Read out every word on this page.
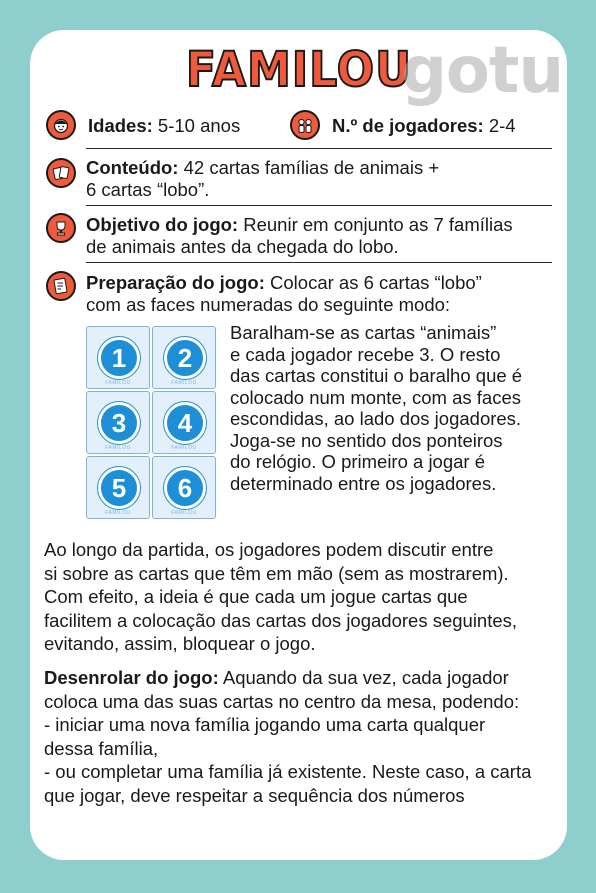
FAMILOU
gotu
Idades: 5-10 anos	N.º de jogadores: 2-4
Conteúdo: 42 cartas famílias de animais +
6 cartas “lobo”.
Objetivo do jogo: Reunir em conjunto as 7 famílias
de animais antes da chegada do lobo.
Preparação do jogo: Colocar as 6 cartas “lobo”
com as faces numeradas do seguinte modo:
1
FAMILOU
2
FAMILOU
3
FAMILOU
4
FAMILOU
5
FAMILOU
6
FAMILOU
Baralham-se as cartas “animais”
e cada jogador recebe 3. O resto
das cartas constitui o baralho que é
colocado num monte, com as faces
escondidas, ao lado dos jogadores.
Joga-se no sentido dos ponteiros
do relógio. O primeiro a jogar é
determinado entre os jogadores.
Ao longo da partida, os jogadores podem discutir entre
si sobre as cartas que têm em mão (sem as mostrarem).
Com efeito, a ideia é que cada um jogue cartas que
facilitem a colocação das cartas dos jogadores seguintes,
evitando, assim, bloquear o jogo.
Desenrolar do jogo: Aquando da sua vez, cada jogador
coloca uma das suas cartas no centro da mesa, podendo:
- iniciar uma nova família jogando uma carta qualquer
dessa família,
- ou completar uma família já existente. Neste caso, a carta
que jogar, deve respeitar a sequência dos números
